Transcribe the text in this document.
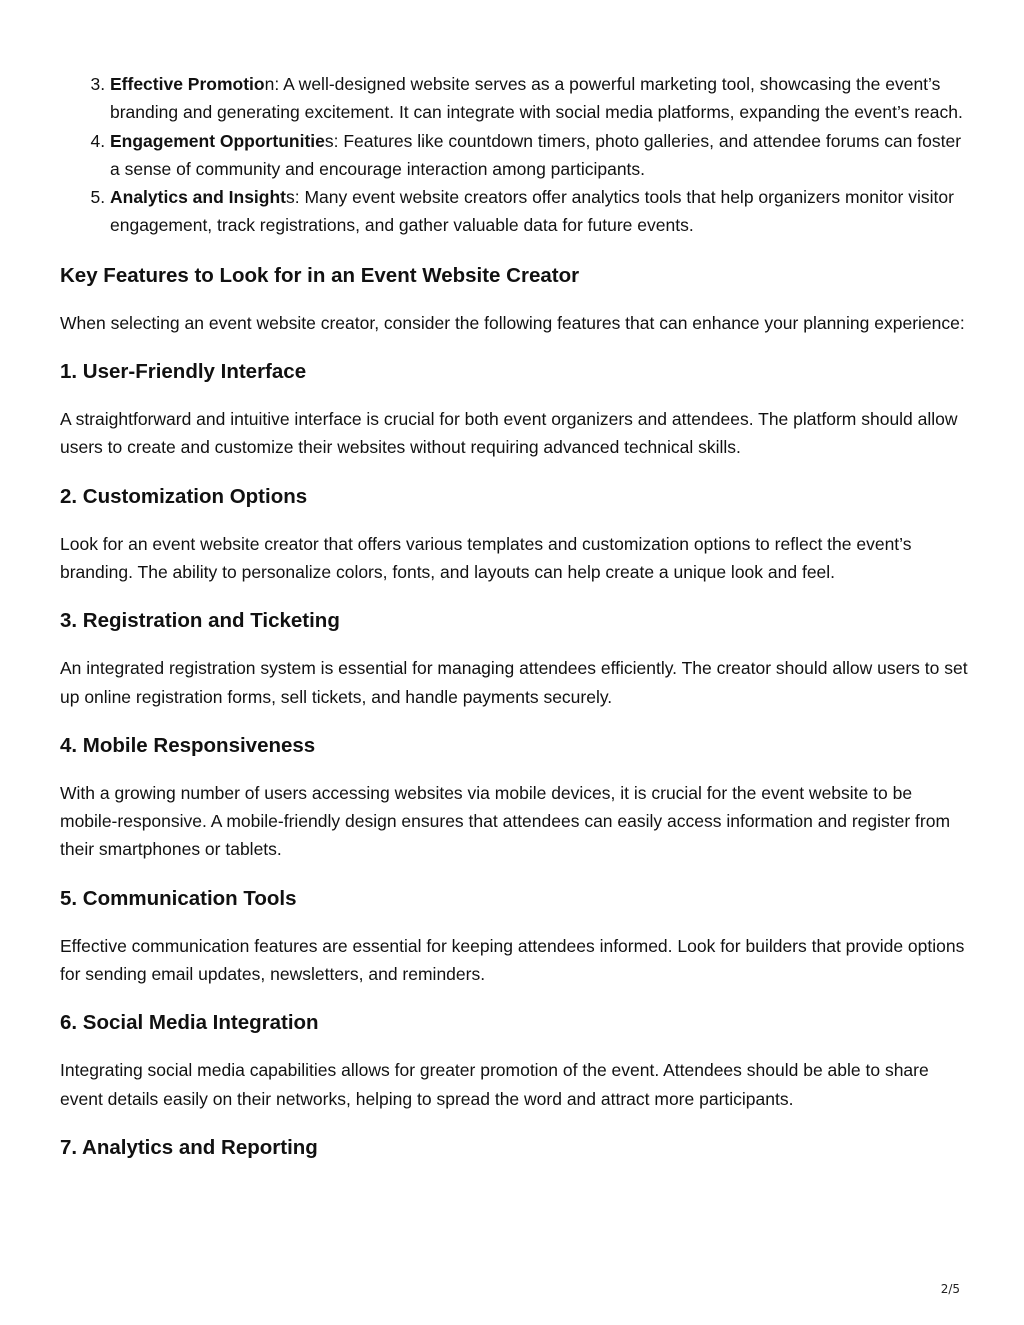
3. Effective Promotion: A well-designed website serves as a powerful marketing tool, showcasing the event’s branding and generating excitement. It can integrate with social media platforms, expanding the event’s reach.
4. Engagement Opportunities: Features like countdown timers, photo galleries, and attendee forums can foster a sense of community and encourage interaction among participants.
5. Analytics and Insights: Many event website creators offer analytics tools that help organizers monitor visitor engagement, track registrations, and gather valuable data for future events.
Key Features to Look for in an Event Website Creator

When selecting an event website creator, consider the following features that can enhance your planning experience:

1. User-Friendly Interface

A straightforward and intuitive interface is crucial for both event organizers and attendees. The platform should allow users to create and customize their websites without requiring advanced technical skills.

2. Customization Options

Look for an event website creator that offers various templates and customization options to reflect the event’s branding. The ability to personalize colors, fonts, and layouts can help create a unique look and feel.

3. Registration and Ticketing

An integrated registration system is essential for managing attendees efficiently. The creator should allow users to set up online registration forms, sell tickets, and handle payments securely.

4. Mobile Responsiveness

With a growing number of users accessing websites via mobile devices, it is crucial for the event website to be mobile-responsive. A mobile-friendly design ensures that attendees can easily access information and register from their smartphones or tablets.

5. Communication Tools

Effective communication features are essential for keeping attendees informed. Look for builders that provide options for sending email updates, newsletters, and reminders.

6. Social Media Integration

Integrating social media capabilities allows for greater promotion of the event. Attendees should be able to share event details easily on their networks, helping to spread the word and attract more participants.

7. Analytics and Reporting
2/5
